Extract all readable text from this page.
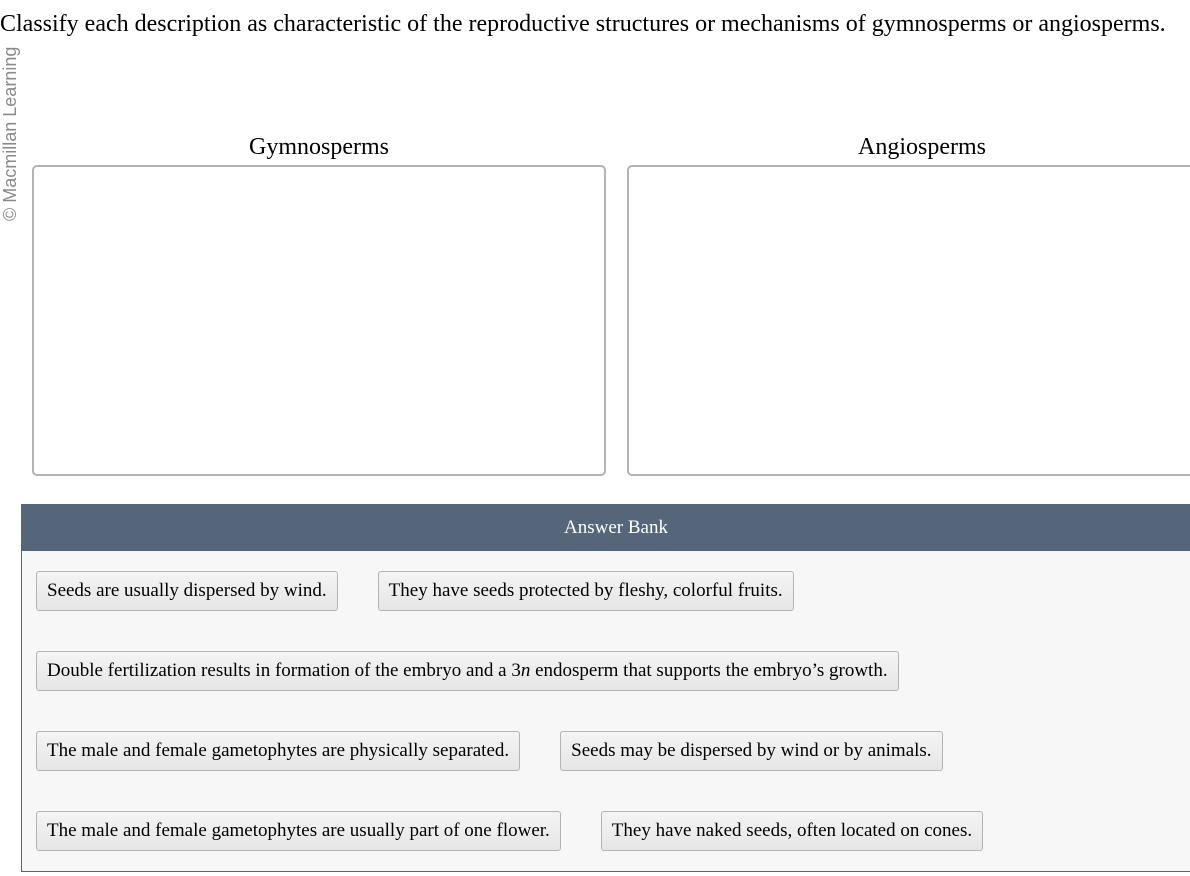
© Macmillan Learning
Classify each description as characteristic of the reproductive structures or mechanisms of gymnosperms or angiosperms.
Gymnosperms	Angiosperms
Answer Bank
Seeds are usually dispersed by wind.	They have seeds protected by fleshy, colorful fruits.
Double fertilization results in formation of the embryo and a 3n endosperm that supports the embryo’s growth.
The male and female gametophytes are physically separated.	Seeds may be dispersed by wind or by animals.
The male and female gametophytes are usually part of one flower.	They have naked seeds, often located on cones.
